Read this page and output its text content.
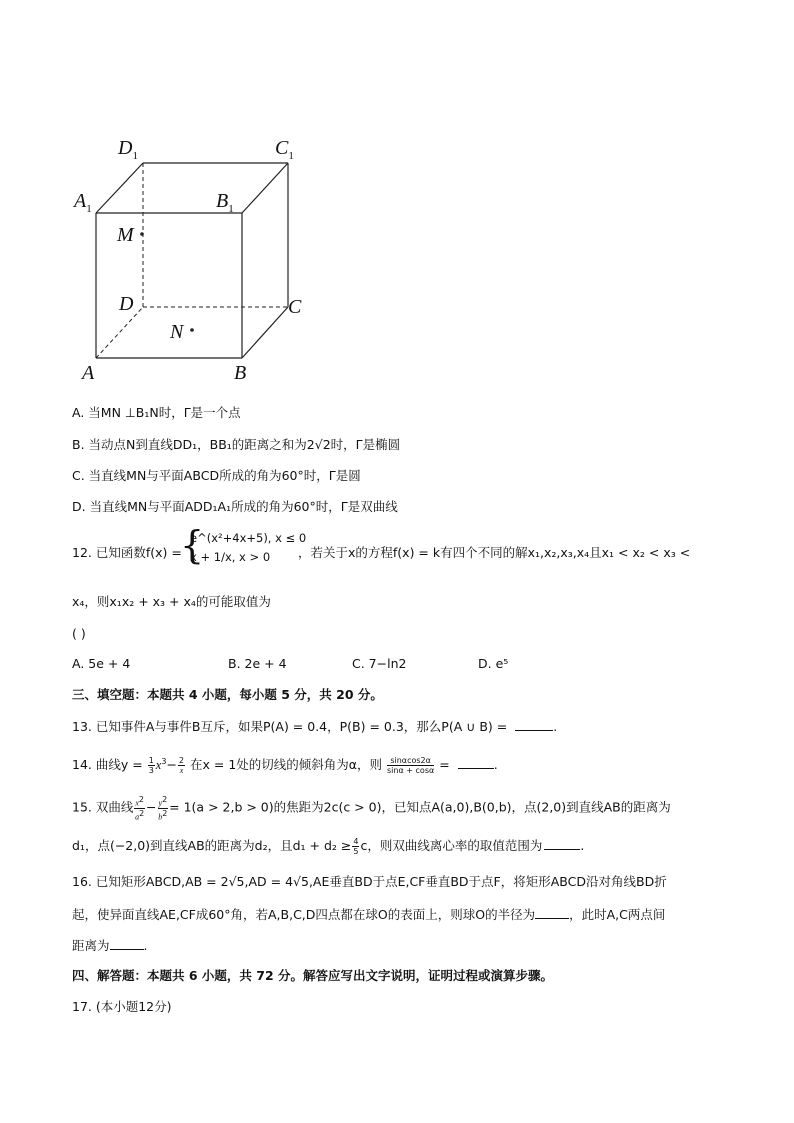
$D_1$	$C_1$
$A_1$	$B_1$
M
D	C
N
A	B
A. 当MN ⊥B₁N时，Γ是一个点
B. 当动点N到直线DD₁，BB₁的距离之和为2√2时，Γ是椭圆
C. 当直线MN与平面ABCD所成的角为60°时，Γ是圆
D. 当直线MN与平面ADD₁A₁所成的角为60°时，Γ是双曲线
12. 已知函数f(x) =
{
e^(x²+4x+5), x ≤ 0
x + 1/x, x > 0	，若关于x的方程f(x) = k有四个不同的解x₁,x₂,x₃,x₄且x₁ < x₂ < x₃ <
x₄，则x₁x₂ + x₃ + x₄的可能取值为
( )
A. 5e + 4	B. 2e + 4	C. 7−ln2	D. e⁵
三、填空题：本题共 4 小题，每小题 5 分，共 20 分。
13. 已知事件A与事件B互斥，如果P(A) = 0.4，P(B) = 0.3，那么P(A ∪ B) =	.
14. 曲线$y = \frac{1}{3} x^3- \frac{2}{x}$ 在x = 1处的切线的倾斜角为α，则 $\frac{\sin\alpha\cos 2\alpha}{\sin\alpha + \cos\alpha}$ =	.
15. 双曲线 $\frac{x^2}{a^2} - \frac{y^2}{b^2} = 1(a > 2,b > 0)$的焦距为2c(c > 0)，已知点A(a,0),B(0,b)，点(2,0)到直线AB的距离为
d₁，点(−2,0)到直线AB的距离为d₂，且$d_1 + d_2 \ge \frac{4}{5}$ c，则双曲线离心率的取值范围为	.
16. 已知矩形ABCD,AB = 2√5,AD = 4√5,AE垂直BD于点E,CF垂直BD于点F，将矩形ABCD沿对角线BD折
起，使异面直线AE,CF成60°角，若A,B,C,D四点都在球O的表面上，则球O的半径为	，此时A,C两点间
距离为	.
四、解答题：本题共 6 小题，共 72 分。解答应写出文字说明，证明过程或演算步骤。
17. (本小题12分)
